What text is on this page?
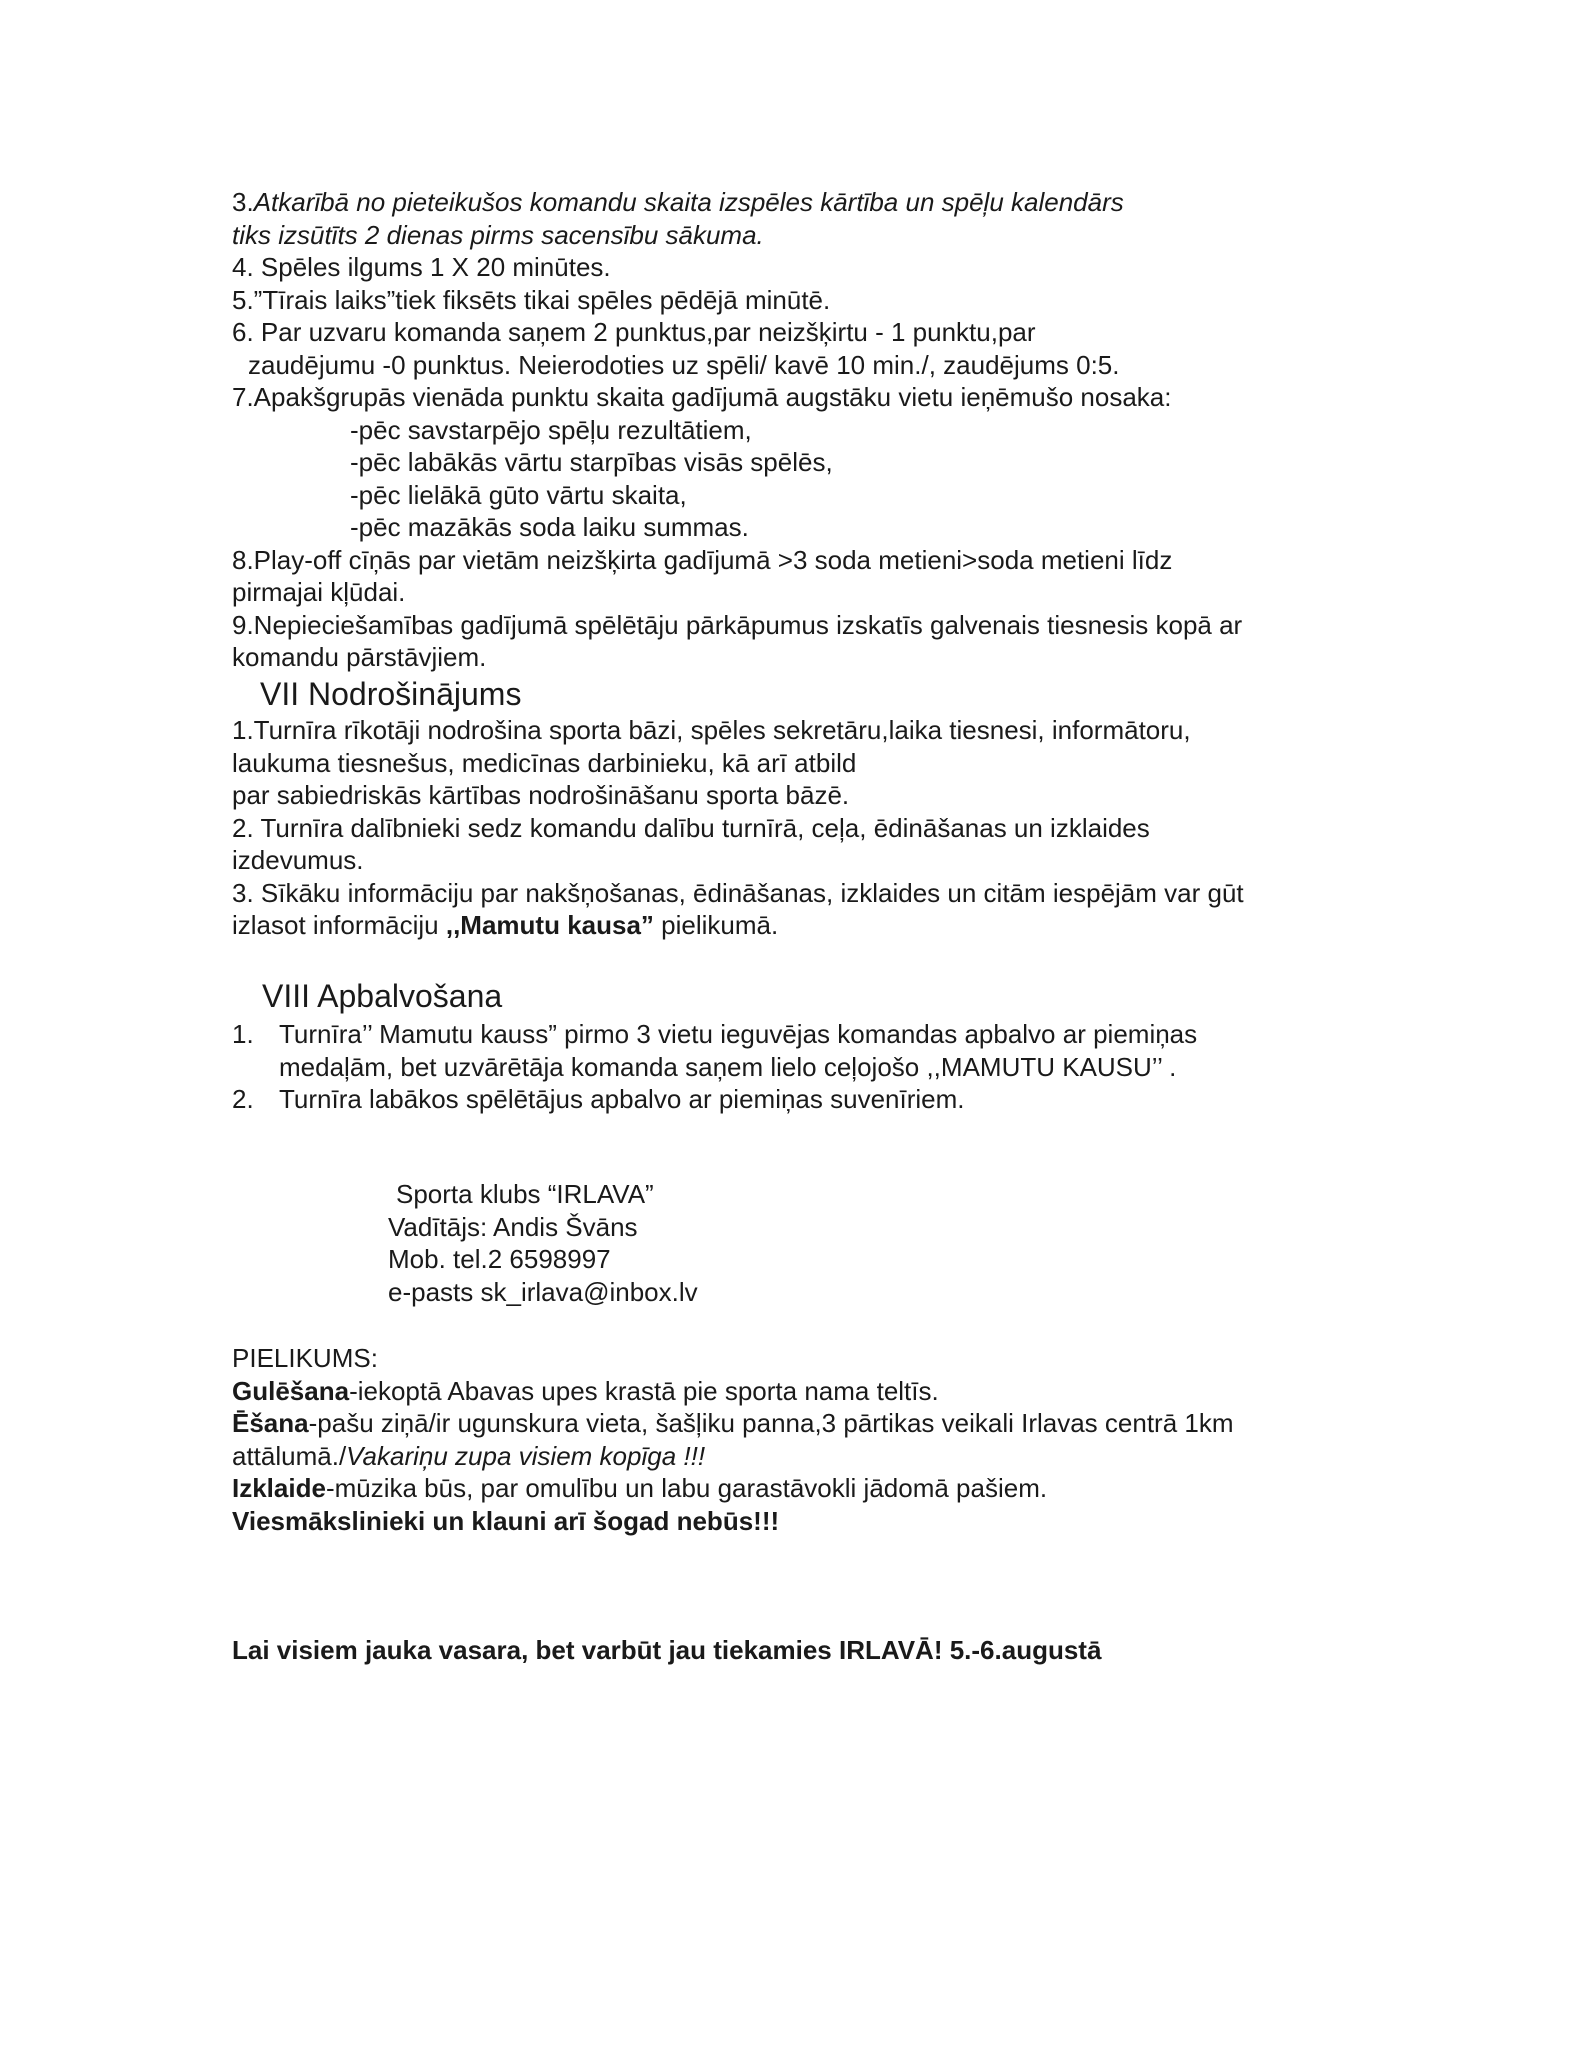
3.Atkarībā no pieteikušos komandu skaita izspēles kārtība un spēļu kalendārs
tiks izsūtīts 2 dienas pirms sacensību sākuma.
4. Spēles ilgums 1 X 20 minūtes.
5.”Tīrais laiks”tiek fiksēts tikai spēles pēdējā minūtē.
6. Par uzvaru komanda saņem 2 punktus,par neizšķirtu - 1 punktu,par
zaudējumu -0 punktus. Neierodoties uz spēli/ kavē 10 min./, zaudējums 0:5.
7.Apakšgrupās vienāda punktu skaita gadījumā augstāku vietu ieņēmušo nosaka:
-pēc savstarpējo spēļu rezultātiem,
-pēc labākās vārtu starpības visās spēlēs,
-pēc lielākā gūto vārtu skaita,
-pēc mazākās soda laiku summas.
8.Play-off cīņās par vietām neizšķirta gadījumā >3 soda metieni>soda metieni līdz
pirmajai kļūdai.
9.Nepieciešamības gadījumā spēlētāju pārkāpumus izskatīs galvenais tiesnesis kopā ar
komandu pārstāvjiem.
VII Nodrošinājums
1.Turnīra rīkotāji nodrošina sporta bāzi, spēles sekretāru,laika tiesnesi, informātoru,
laukuma tiesnešus, medicīnas darbinieku, kā arī atbild
par sabiedriskās kārtības nodrošināšanu sporta bāzē.
2. Turnīra dalībnieki sedz komandu dalību turnīrā, ceļa, ēdināšanas un izklaides
izdevumus.
3. Sīkāku informāciju par nakšņošanas, ēdināšanas, izklaides un citām iespējām var gūt
izlasot informāciju ,,Mamutu kausa” pielikumā.
VIII Apbalvošana
1. Turnīra’’ Mamutu kauss” pirmo 3 vietu ieguvējas komandas apbalvo ar piemiņas
medaļām, bet uzvārētāja komanda saņem lielo ceļojošo ,,MAMUTU KAUSU’’ .
2. Turnīra labākos spēlētājus apbalvo ar piemiņas suvenīriem.
Sporta klubs “IRLAVA”
Vadītājs: Andis Švāns
Mob. tel.2 6598997
e-pasts sk_irlava@inbox.lv
PIELIKUMS:
Gulēšana-iekoptā Abavas upes krastā pie sporta nama teltīs.
Ēšana-pašu ziņā/ir ugunskura vieta, šašļiku panna,3 pārtikas veikali Irlavas centrā 1km
attālumā./Vakariņu zupa visiem kopīga !!!
Izklaide-mūzika būs, par omulību un labu garastāvokli jādomā pašiem.
Viesmākslinieki un klauni arī šogad nebūs!!!
Lai visiem jauka vasara, bet varbūt jau tiekamies IRLAVĀ! 5.-6.augustā
